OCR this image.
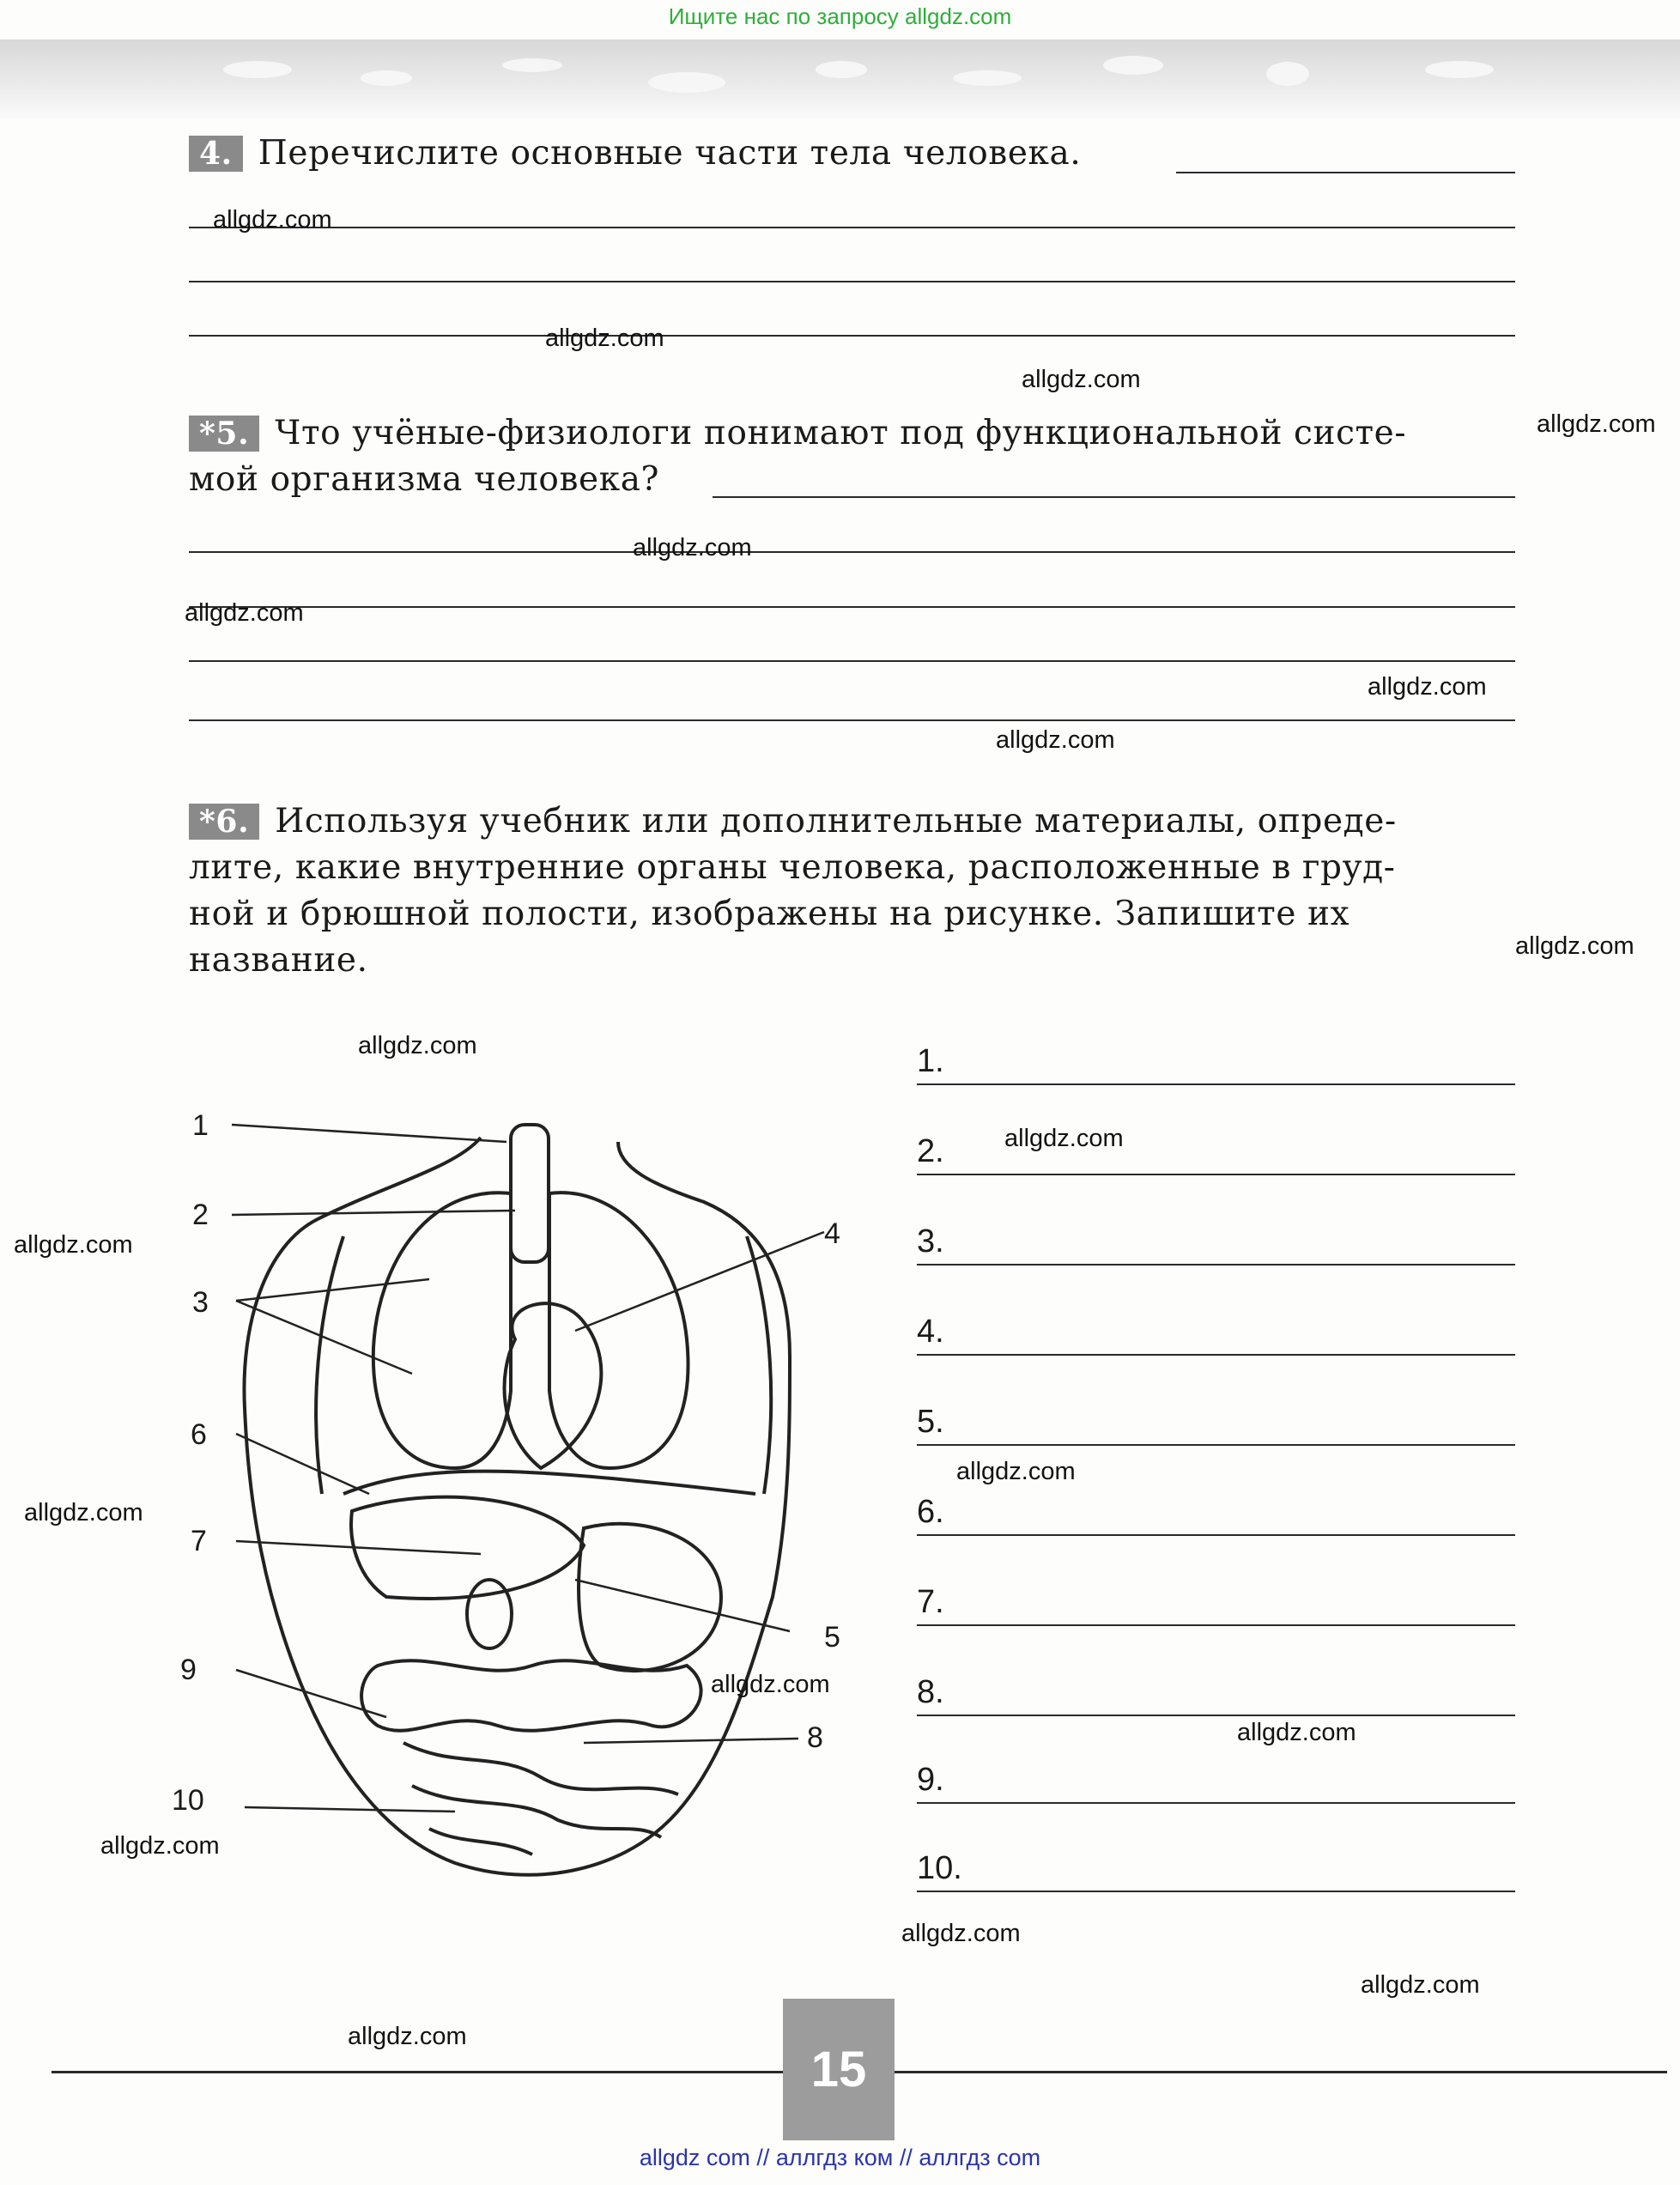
Ищите нас по запросу allgdz.com
4. Перечислите основные части тела человека.
*5. Что учёные-физиологи понимают под функциональной систе-
мой организма человека?
*6. Используя учебник или дополнительные материалы, опреде-
лите, какие внутренние органы человека, расположенные в груд-
ной и брюшной полости, изображены на рисунке. Запишите их
название.
1.
2.
3.
4.
5.
6.
7.
8.
9.
10.
1
2
3
4
5
6
7
8
9
10
allgdz.com
allgdz.com
allgdz.com
allgdz.com
allgdz.com
allgdz.com
allgdz.com
allgdz.com
allgdz.com
allgdz.com
allgdz.com
allgdz.com
allgdz.com
allgdz.com
allgdz.com
allgdz.com
allgdz.com
allgdz.com
allgdz.com
allgdz.com
15
allgdz com // аллгдз ком // аллгдз com
